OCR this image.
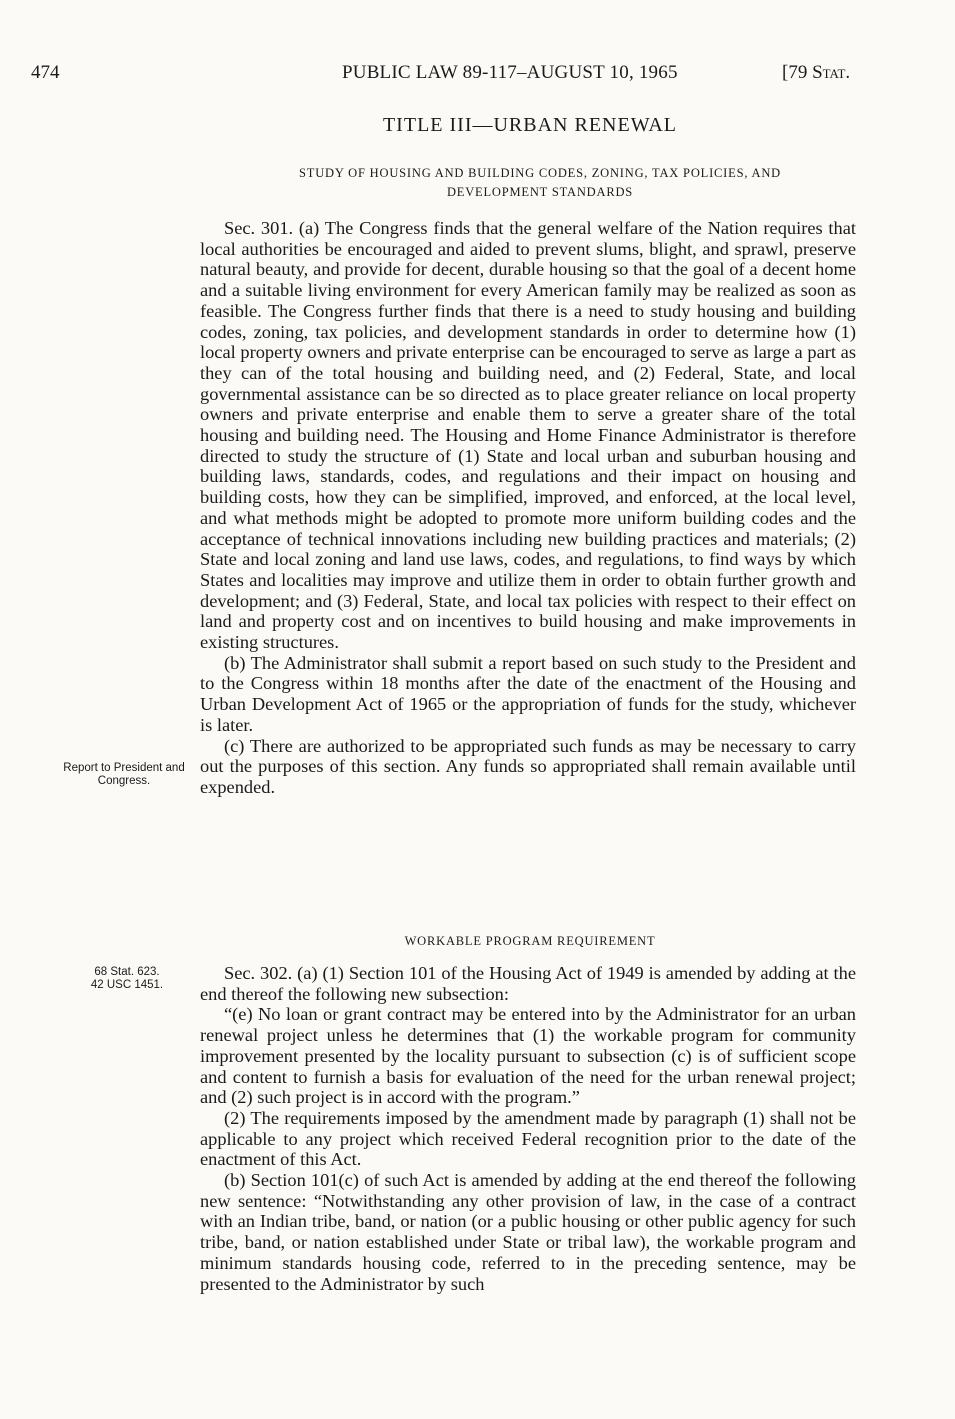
474	PUBLIC LAW 89-117–AUGUST 10, 1965	[79 Stat.
TITLE III—URBAN RENEWAL
STUDY OF HOUSING AND BUILDING CODES, ZONING, TAX POLICIES, AND
DEVELOPMENT STANDARDS

Sec. 301. (a) The Congress finds that the general welfare of the Nation requires that local authorities be encouraged and aided to prevent slums, blight, and sprawl, preserve natural beauty, and provide for decent, durable housing so that the goal of a decent home and a suitable living environment for every American family may be realized as soon as feasible. The Congress further finds that there is a need to study housing and building codes, zoning, tax policies, and development standards in order to determine how (1) local property owners and private enterprise can be encouraged to serve as large a part as they can of the total housing and building need, and (2) Federal, State, and local governmental assistance can be so directed as to place greater reliance on local property owners and private enterprise and enable them to serve a greater share of the total housing and building need. The Housing and Home Finance Administrator is therefore directed to study the structure of (1) State and local urban and suburban housing and building laws, standards, codes, and regulations and their impact on housing and building costs, how they can be simplified, improved, and enforced, at the local level, and what methods might be adopted to promote more uniform building codes and the acceptance of technical innovations including new building practices and materials; (2) State and local zoning and land use laws, codes, and regulations, to find ways by which States and localities may improve and utilize them in order to obtain further growth and development; and (3) Federal, State, and local tax policies with respect to their effect on land and property cost and on incentives to build housing and make improvements in existing structures.

(b) The Administrator shall submit a report based on such study to the President and to the Congress within 18 months after the date of the enactment of the Housing and Urban Development Act of 1965 or the appropriation of funds for the study, whichever is later.

(c) There are authorized to be appropriated such funds as may be necessary to carry out the purposes of this section. Any funds so appropriated shall remain available until expended.

Report to President and Congress.
WORKABLE PROGRAM REQUIREMENT
68 Stat. 623.
42 USC 1451.

Sec. 302. (a) (1) Section 101 of the Housing Act of 1949 is amended by adding at the end thereof the following new subsection:

“(e) No loan or grant contract may be entered into by the Administrator for an urban renewal project unless he determines that (1) the workable program for community improvement presented by the locality pursuant to subsection (c) is of sufficient scope and content to furnish a basis for evaluation of the need for the urban renewal project; and (2) such project is in accord with the program.”

(2) The requirements imposed by the amendment made by paragraph (1) shall not be applicable to any project which received Federal recognition prior to the date of the enactment of this Act.

(b) Section 101(c) of such Act is amended by adding at the end thereof the following new sentence: “Notwithstanding any other provision of law, in the case of a contract with an Indian tribe, band, or nation (or a public housing or other public agency for such tribe, band, or nation established under State or tribal law), the workable program and minimum standards housing code, referred to in the preceding sentence, may be presented to the Administrator by such
